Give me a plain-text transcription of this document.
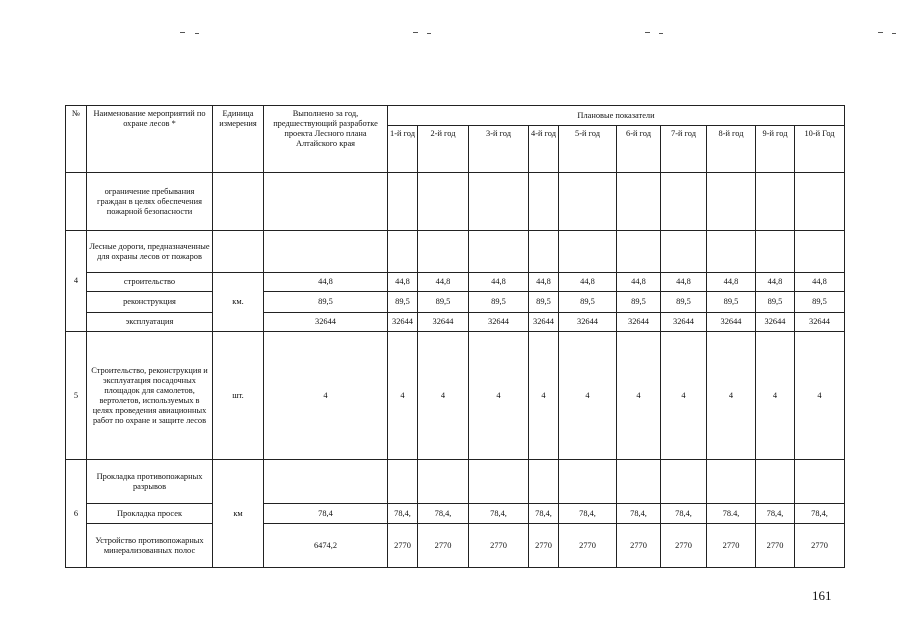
№	Наименование мероприятий по охране лесов *	Единица измерения	Выполнено за год, предшествующий разработке проекта Лесного плана Алтайского края	Плановые показатели									
				1-й год	2-й год	3-й год	4-й год	5-й год	6-й год	7-й год	8-й год	9-й год	10-й Год
	ограничение пребывания граждан в целях обеспечения пожарной безопасности												
4	Лесные дороги, предназначенные для охраны лесов от пожаров												
	строительство	км.	44,8	44,8	44,8	44,8	44,8	44,8	44,8	44,8	44,8	44,8	44,8
	реконструкция		89,5	89,5	89,5	89,5	89,5	89,5	89,5	89,5	89,5	89,5	89,5
	эксплуатация		32644	32644	32644	32644	32644	32644	32644	32644	32644	32644	32644
5	Строительство, реконструкция и эксплуатация посадочных площадок для самолетов, вертолетов, используемых в целях проведения авиационных работ по охране и защите лесов	шт.	4	4	4	4	4	4	4	4	4	4	4
6	Прокладка противопожарных разрывов	км											
	Прокладка просек		78,4	78,4,	78,4,	78,4,	78,4,	78,4,	78,4,	78,4,	78.4,	78,4,	78,4,
	Устройство противопожарных минерализованных полос		6474,2	2770	2770	2770	2770	2770	2770	2770	2770	2770	2770
161
